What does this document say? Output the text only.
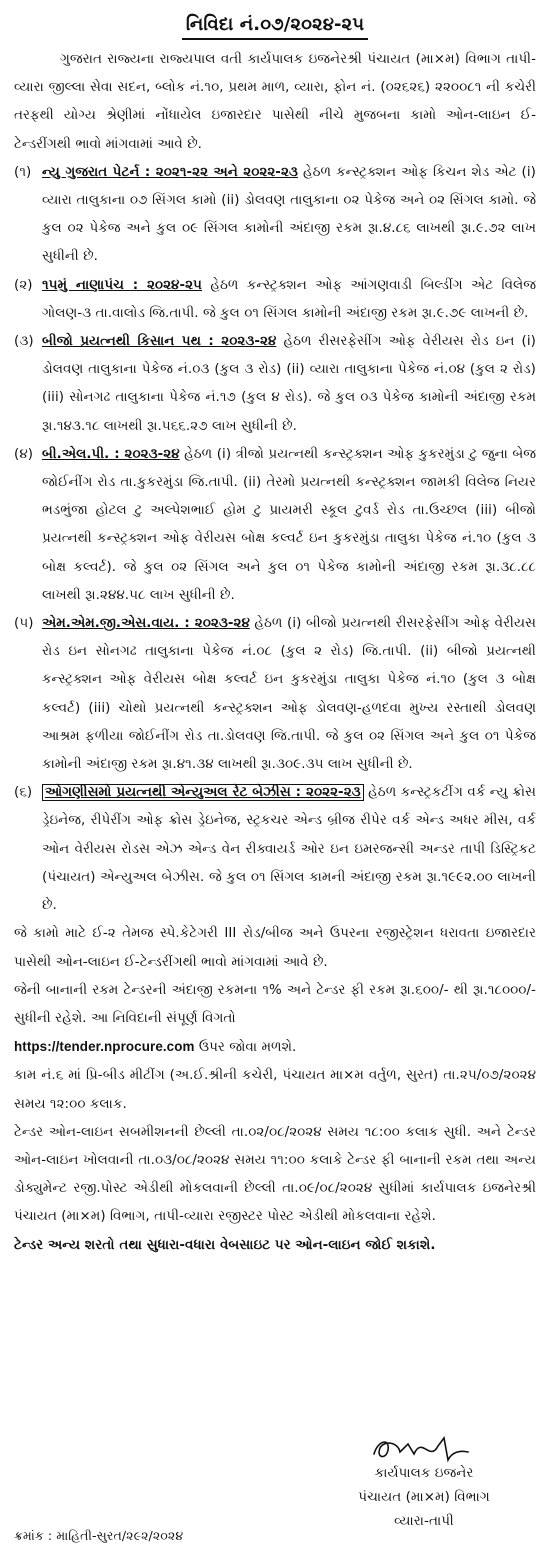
નિવિદા નં.૦૭/૨૦૨૪-૨૫

ગુજરાત રાજ્યના રાજ્યપાલ વતી કાર્યપાલક ઇજનેરશ્રી પંચાયત (મા×મ) વિભાગ તાપી-વ્યારા જીલ્લા સેવા સદન, બ્લોક નં.૧૦, પ્રથમ માળ, વ્યારા, ફોન નં. (૦૨૬૨૬) ૨૨૦૦૮૧ ની કચેરી તરફથી યોગ્ય શ્રેણીમાં નોંધાયેલ ઇજારદાર પાસેથી નીચે મુજબના કામો ઓન-લાઇન ઈ-ટેન્ડરીંગથી ભાવો માંગવામાં આવે છે.

(૧) ન્યુ ગુજરાત પેટર્ન : ૨૦૨૧-૨૨ અને ૨૦૨૨-૨૩ હેઠળ કન્સ્ટ્રક્શન ઓફ કિચન શેડ એટ (i) વ્યારા તાલુકાના ૦૭ સિંગલ કામો (ii) ડોલવણ તાલુકાના ૦૨ પેકેજ અને ૦૨ સિંગલ કામો. જે કુલ ૦૨ પેકેજ અને કુલ ૦૯ સિંગલ કામોની અંદાજી રકમ રૂા.૪.૮૬ લાખથી રૂા.૯.૭૨ લાખ સુધીની છે.
(૨) ૧૫મું નાણાપંચ : ૨૦૨૪-૨૫ હેઠળ કન્સ્ટ્રક્શન ઓફ આંગણવાડી બિલ્ડીંગ એટ વિલેજ ગોલણ-૩ તા.વાલોડ જિ.તાપી. જે કુલ ૦૧ સિંગલ કામોની અંદાજી રકમ રૂા.૯.૭૯ લાખની છે.
(૩) બીજો પ્રયત્નથી કિસાન પથ : ૨૦૨૩-૨૪ હેઠળ રીસરફેસીંગ ઓફ વેરીયસ રોડ ઇન (i) ડોલવણ તાલુકાના પેકેજ નં.૦૩ (કુલ ૩ રોડ) (ii) વ્યારા તાલુકાના પેકેજ નં.૦૪ (કુલ ૨ રોડ) (iii) સોનગઢ તાલુકાના પેકેજ નં.૧૭ (કુલ ૪ રોડ). જે કુલ ૦૩ પેકેજ કામોની અંદાજી રકમ રૂા.૧૪૩.૧૮ લાખથી રૂા.૫૬૬.૨૭ લાખ સુધીની છે.
(૪) બી.એલ.પી. : ૨૦૨૩-૨૪ હેઠળ (i) ત્રીજો પ્રયત્નથી કન્સ્ટ્રક્શન ઓફ કુકરમુંડા ટુ જુના બેજ જોઈનીંગ રોડ તા.કુકરમુંડા જિ.તાપી. (ii) તેરમો પ્રયત્નથી કન્સ્ટ્રક્શન જામકી વિલેજ નિયર ભડભુંજા હોટલ ટુ અલ્પેશભાઈ હોમ ટુ પ્રાયમરી સ્કૂલ ટુવર્ડ રોડ તા.ઉચ્છલ (iii) બીજો પ્રયત્નથી કન્સ્ટ્રક્શન ઓફ વેરીયસ બોક્ષ કલ્વર્ટ ઇન કુકરમુંડા તાલુકા પેકેજ નં.૧૦ (કુલ ૩ બોક્ષ કલ્વર્ટ). જે કુલ ૦૨ સિંગલ અને કુલ ૦૧ પેકેજ કામોની અંદાજી રકમ રૂા.૩૮.૮૮ લાખથી રૂા.૨૪૪.૫૮ લાખ સુધીની છે.
(૫) એમ.એમ.જી.એસ.વાય. : ૨૦૨૩-૨૪ હેઠળ (i) બીજો પ્રયત્નથી રીસરફેસીંગ ઓફ વેરીયસ રોડ ઇન સોનગઢ તાલુકાના પેકેજ નં.૦૮ (કુલ ૨ રોડ) જિ.તાપી. (ii) બીજો પ્રયત્નથી કન્સ્ટ્રક્શન ઓફ વેરીયસ બોક્ષ કલ્વર્ટ ઇન કુકરમુંડા તાલુકા પેકેજ નં.૧૦ (કુલ ૩ બોક્ષ કલ્વર્ટ) (iii) ચોથો પ્રયત્નથી કન્સ્ટ્રક્શન ઓફ ડોલવણ-હળદવા મુખ્ય રસ્તાથી ડોલવણ આશ્રમ ફળીયા જોઈનીંગ રોડ તા.ડોલવણ જિ.તાપી. જે કુલ ૦૨ સિંગલ અને કુલ ૦૧ પેકેજ કામોની અંદાજી રકમ રૂા.૪૧.૩૪ લાખથી રૂા.૩૦૯.૩૫ લાખ સુધીની છે.
(૬) ઓગણીસમો પ્રયત્નથી એન્યુઅલ રેટ બેઝીસ : ૨૦૨૨-૨૩ હેઠળ કન્સ્ટ્રકટીંગ વર્ક ન્યુ ક્રોસ ડ્રેઇનેજ, રીપેરીંગ ઓફ ક્રોસ ડ્રેઇનેજ, સ્ટ્રકચર એન્ડ બ્રીજ રીપેર વર્ક એન્ડ અધર મીસ, વર્ક ઓન વેરીયસ રોડસ એઝ એન્ડ વેન રીક્વાયર્ડ ઓર ઇન ઇમરજન્સી અન્ડર તાપી ડિસ્ટ્રિકટ (પંચાયત) એન્યુઅલ બેઝીસ. જે કુલ ૦૧ સિંગલ કામની અંદાજી રકમ રૂા.૧૯૯૨.૦૦ લાખની છે.

જે કામો માટે ઈ-૨ તેમજ સ્પે.કેટેગરી III રોડ/બીજ અને ઉપરના રજીસ્ટ્રેશન ધરાવતા ઇજારદાર પાસેથી ઓન-લાઇન ઈ-ટેન્ડરીંગથી ભાવો માંગવામાં આવે છે.

જેની બાનાની રકમ ટેન્ડરની અંદાજી રકમના ૧% અને ટેન્ડર ફી રકમ રૂા.૬૦૦/- થી રૂા.૧૮૦૦૦/- સુધીની રહેશે. આ નિવિદાની સંપૂર્ણ વિગતો
https://tender.nprocure.com ઉપર જોવા મળશે.

કામ નં.૬ માં પ્રિ-બીડ મીટીંગ (અ.ઈ.શ્રીની કચેરી, પંચાયત મા×મ વર્તુળ, સુરત) તા.૨૫/૦૭/૨૦૨૪ સમય ૧૨:૦૦ કલાક.

ટેન્ડર ઓન-લાઇન સબમીશનની છેલ્લી તા.૦૨/૦૮/૨૦૨૪ સમય ૧૮:૦૦ કલાક સુધી. અને ટેન્ડર ઓન-લાઇન ખોલવાની તા.૦૩/૦૮/૨૦૨૪ સમય ૧૧:૦૦ કલાકે ટેન્ડર ફી બાનાની રકમ તથા અન્ય ડોક્યુમેન્ટ રજી.પોસ્ટ એડીથી મોકલવાની છેલ્લી તા.૦૯/૦૮/૨૦૨૪ સુધીમાં કાર્યપાલક ઇજનેરશ્રી પંચાયત (મા×મ) વિભાગ, તાપી-વ્યારા રજીસ્ટર પોસ્ટ એડીથી મોકલવાના રહેશે.

ટેન્ડર અન્ય શરતો તથા સુધારા-વધારા વેબસાઇટ પર ઓન-લાઇન જોઈ શકાશે.

કાર્યપાલક ઇજનેર
પંચાયત (મા×મ) વિભાગ
વ્યારા-તાપી
ક્રમાંક : માહિતી-સુરત/૨૯૨/૨૦૨૪
